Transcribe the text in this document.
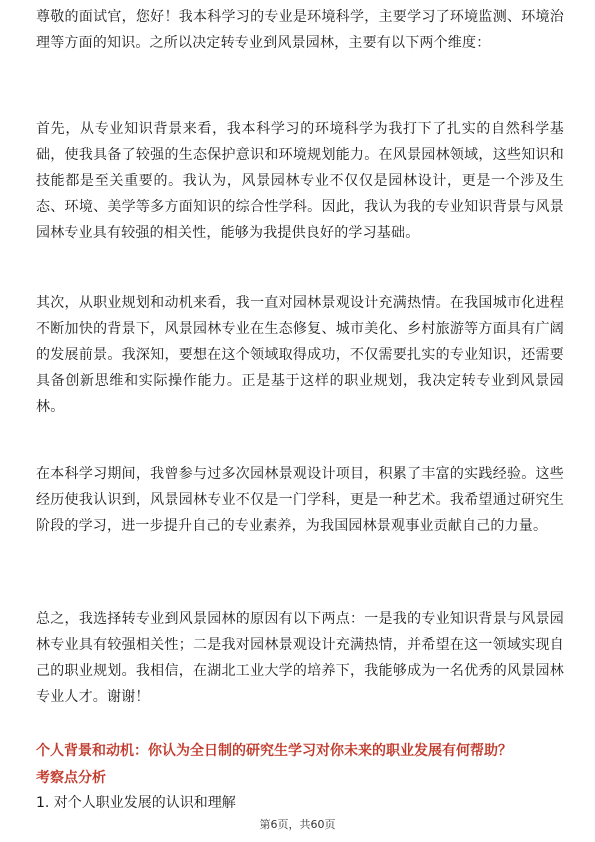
尊敬的面试官，您好！我本科学习的专业是环境科学，主要学习了环境监测、环境治理等方面的知识。之所以决定转专业到风景园林，主要有以下两个维度：

首先，从专业知识背景来看，我本科学习的环境科学为我打下了扎实的自然科学基础，使我具备了较强的生态保护意识和环境规划能力。在风景园林领域，这些知识和技能都是至关重要的。我认为，风景园林专业不仅仅是园林设计，更是一个涉及生态、环境、美学等多方面知识的综合性学科。因此，我认为我的专业知识背景与风景园林专业具有较强的相关性，能够为我提供良好的学习基础。

其次，从职业规划和动机来看，我一直对园林景观设计充满热情。在我国城市化进程不断加快的背景下，风景园林专业在生态修复、城市美化、乡村旅游等方面具有广阔的发展前景。我深知，要想在这个领域取得成功，不仅需要扎实的专业知识，还需要具备创新思维和实际操作能力。正是基于这样的职业规划，我决定转专业到风景园林。

在本科学习期间，我曾参与过多次园林景观设计项目，积累了丰富的实践经验。这些经历使我认识到，风景园林专业不仅是一门学科，更是一种艺术。我希望通过研究生阶段的学习，进一步提升自己的专业素养，为我国园林景观事业贡献自己的力量。

总之，我选择转专业到风景园林的原因有以下两点：一是我的专业知识背景与风景园林专业具有较强相关性；二是我对园林景观设计充满热情，并希望在这一领域实现自己的职业规划。我相信，在湖北工业大学的培养下，我能够成为一名优秀的风景园林专业人才。谢谢！

个人背景和动机：你认为全日制的研究生学习对你未来的职业发展有何帮助？

考察点分析

1. 对个人职业发展的认识和理解

第6页，共60页
